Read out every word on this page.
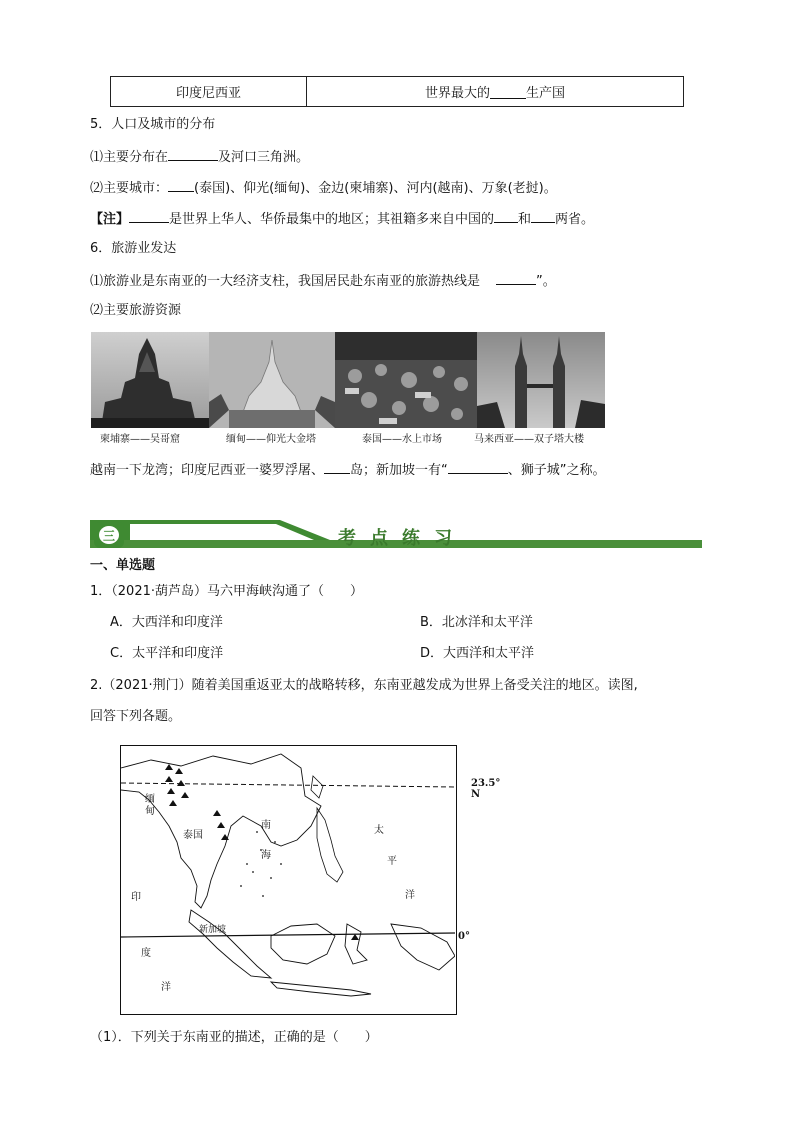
印度尼西亚	世界最大的	生产国
5．人口及城市的分布
⑴主要分布在	及河口三角洲。
⑵主要城市： (泰国)、仰光(缅甸)、金边(柬埔寨)、河内(越南)、万象(老挝)。
【注】	是世界上华人、华侨最集中的地区；其祖籍多来自中国的 和 两省。
6．旅游业发达
⑴旅游业是东南亚的一大经济支柱，我国居民赴东南亚的旅游热线是	”。
⑵主要旅游资源
柬埔寨——吴哥窟	缅甸——仰光大金塔	泰国——水上市场	马来西亚——双子塔大楼
越南一下龙湾；印度尼西亚一婆罗浮屠、 岛；新加坡一有“	、狮子城”之称。
三	考点练习
一、单选题
1．（2021·葫芦岛）马六甲海峡沟通了（　　）
A．大西洋和印度洋	B．北冰洋和太平洋
C．太平洋和印度洋	D．大西洋和太平洋
2.（2021·荆门）随着美国重返亚太的战略转移，东南亚越发成为世界上备受关注的地区。读图,
回答下列各题。
23.5° N
0°
新加坡
缅
甸
泰国
南
海
太
平
洋
印
度
洋
（1）．下列关于东南亚的描述，正确的是（　　）
